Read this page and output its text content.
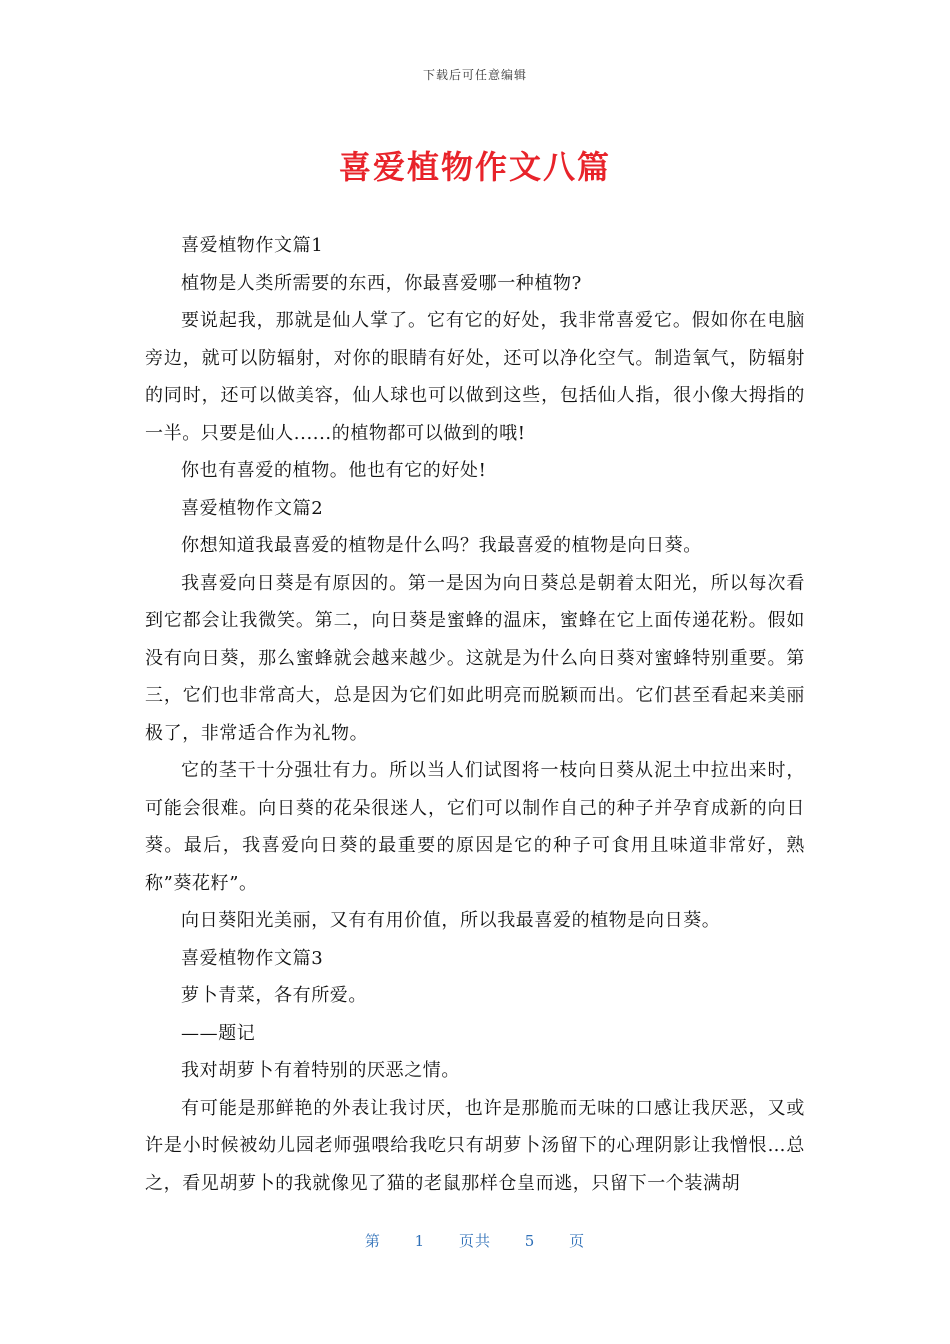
下载后可任意编辑
喜爱植物作文八篇

喜爱植物作文篇1

植物是人类所需要的东西，你最喜爱哪一种植物?

要说起我，那就是仙人掌了。它有它的好处，我非常喜爱它。假如你在电脑旁边，就可以防辐射，对你的眼睛有好处，还可以净化空气。制造氧气，防辐射的同时，还可以做美容，仙人球也可以做到这些，包括仙人指，很小像大拇指的一半。只要是仙人......的植物都可以做到的哦!

你也有喜爱的植物。他也有它的好处!

喜爱植物作文篇2

你想知道我最喜爱的植物是什么吗？我最喜爱的植物是向日葵。

我喜爱向日葵是有原因的。第一是因为向日葵总是朝着太阳光，所以每次看到它都会让我微笑。第二，向日葵是蜜蜂的温床，蜜蜂在它上面传递花粉。假如没有向日葵，那么蜜蜂就会越来越少。这就是为什么向日葵对蜜蜂特别重要。第三，它们也非常高大，总是因为它们如此明亮而脱颖而出。它们甚至看起来美丽极了，非常适合作为礼物。

它的茎干十分强壮有力。所以当人们试图将一枝向日葵从泥土中拉出来时，可能会很难。向日葵的花朵很迷人，它们可以制作自己的种子并孕育成新的向日葵。最后，我喜爱向日葵的最重要的原因是它的种子可食用且味道非常好，熟称”葵花籽”。

向日葵阳光美丽，又有有用价值，所以我最喜爱的植物是向日葵。

喜爱植物作文篇3

萝卜青菜，各有所爱。

——题记

我对胡萝卜有着特别的厌恶之情。

有可能是那鲜艳的外表让我讨厌，也许是那脆而无味的口感让我厌恶，又或许是小时候被幼儿园老师强喂给我吃只有胡萝卜汤留下的心理阴影让我憎恨…总之，看见胡萝卜的我就像见了猫的老鼠那样仓皇而逃，只留下一个装满胡

第 1 页共 5 页
